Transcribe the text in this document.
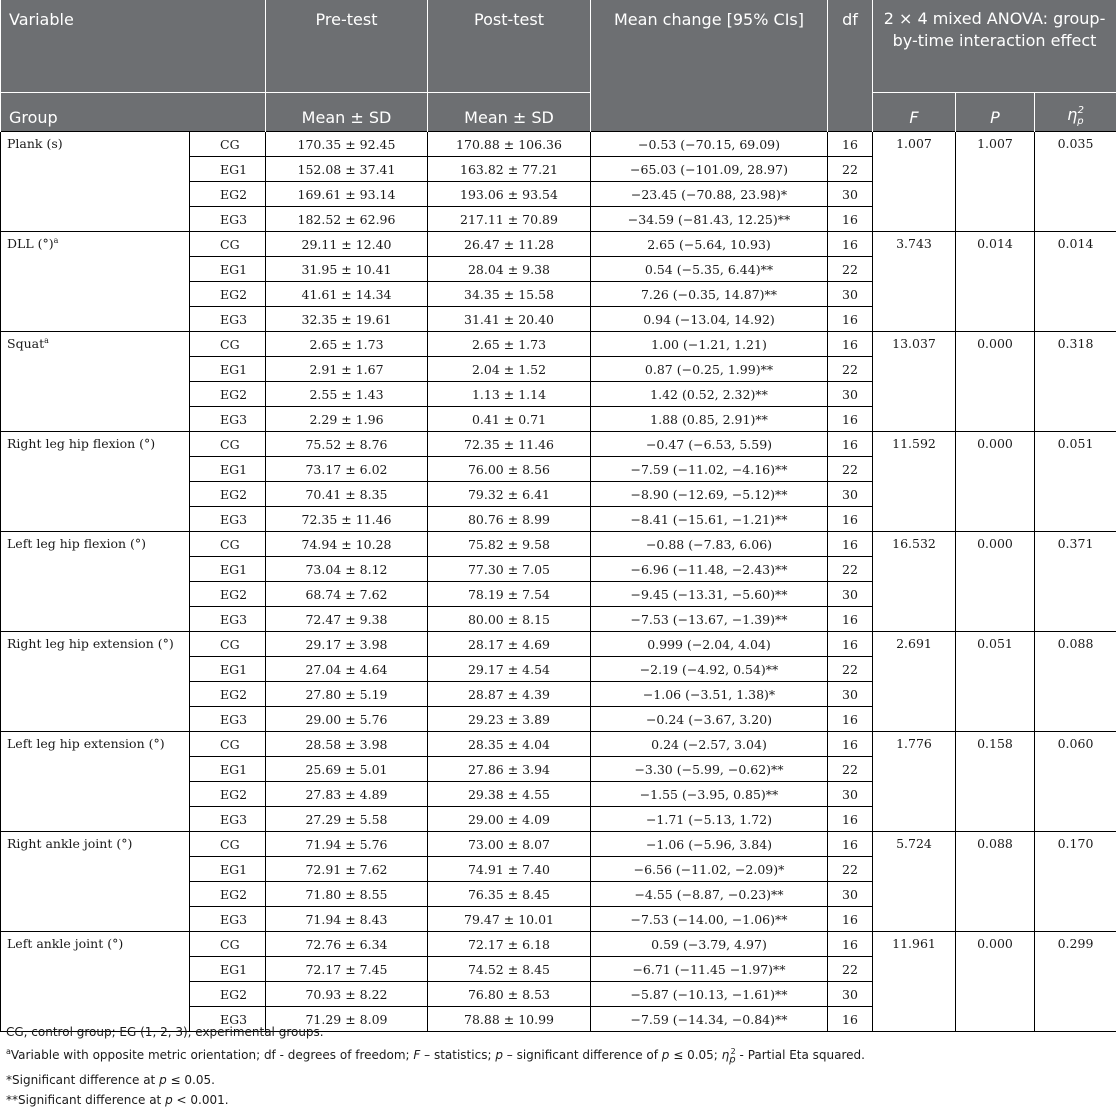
Variable		Pre-test	Post-test	Mean change [95% CIs]	df	2 × 4 mixed ANOVA: group-by-time interaction effect		
Group		Mean ± SD	Mean ± SD			F	P	$\eta_p^2$
Plank (s)	CG	170.35 ± 92.45	170.88 ± 106.36	−0.53 (−70.15, 69.09)	16	1.007	1.007	0.035
	EG1	152.08 ± 37.41	163.82 ± 77.21	−65.03 (−101.09, 28.97)	22			
	EG2	169.61 ± 93.14	193.06 ± 93.54	−23.45 (−70.88, 23.98)*	30			
	EG3	182.52 ± 62.96	217.11 ± 70.89	−34.59 (−81.43, 12.25)**	16			
DLL (°)$^a$	CG	29.11 ± 12.40	26.47 ± 11.28	2.65 (−5.64, 10.93)	16	3.743	0.014	0.014
	EG1	31.95 ± 10.41	28.04 ± 9.38	0.54 (−5.35, 6.44)**	22			
	EG2	41.61 ± 14.34	34.35 ± 15.58	7.26 (−0.35, 14.87)**	30			
	EG3	32.35 ± 19.61	31.41 ± 20.40	0.94 (−13.04, 14.92)	16			
Squat$^a$	CG	2.65 ± 1.73	2.65 ± 1.73	1.00 (−1.21, 1.21)	16	13.037	0.000	0.318
	EG1	2.91 ± 1.67	2.04 ± 1.52	0.87 (−0.25, 1.99)**	22			
	EG2	2.55 ± 1.43	1.13 ± 1.14	1.42 (0.52, 2.32)**	30			
	EG3	2.29 ± 1.96	0.41 ± 0.71	1.88 (0.85, 2.91)**	16			
Right leg hip flexion (°)	CG	75.52 ± 8.76	72.35 ± 11.46	−0.47 (−6.53, 5.59)	16	11.592	0.000	0.051
	EG1	73.17 ± 6.02	76.00 ± 8.56	−7.59 (−11.02, −4.16)**	22			
	EG2	70.41 ± 8.35	79.32 ± 6.41	−8.90 (−12.69, −5.12)**	30			
	EG3	72.35 ± 11.46	80.76 ± 8.99	−8.41 (−15.61, −1.21)**	16			
Left leg hip flexion (°)	CG	74.94 ± 10.28	75.82 ± 9.58	−0.88 (−7.83, 6.06)	16	16.532	0.000	0.371
	EG1	73.04 ± 8.12	77.30 ± 7.05	−6.96 (−11.48, −2.43)**	22			
	EG2	68.74 ± 7.62	78.19 ± 7.54	−9.45 (−13.31, −5.60)**	30			
	EG3	72.47 ± 9.38	80.00 ± 8.15	−7.53 (−13.67, −1.39)**	16			
Right leg hip extension (°)	CG	29.17 ± 3.98	28.17 ± 4.69	0.999 (−2.04, 4.04)	16	2.691	0.051	0.088
	EG1	27.04 ± 4.64	29.17 ± 4.54	−2.19 (−4.92, 0.54)**	22			
	EG2	27.80 ± 5.19	28.87 ± 4.39	−1.06 (−3.51, 1.38)*	30			
	EG3	29.00 ± 5.76	29.23 ± 3.89	−0.24 (−3.67, 3.20)	16			
Left leg hip extension (°)	CG	28.58 ± 3.98	28.35 ± 4.04	0.24 (−2.57, 3.04)	16	1.776	0.158	0.060
	EG1	25.69 ± 5.01	27.86 ± 3.94	−3.30 (−5.99, −0.62)**	22			
	EG2	27.83 ± 4.89	29.38 ± 4.55	−1.55 (−3.95, 0.85)**	30			
	EG3	27.29 ± 5.58	29.00 ± 4.09	−1.71 (−5.13, 1.72)	16			
Right ankle joint (°)	CG	71.94 ± 5.76	73.00 ± 8.07	−1.06 (−5.96, 3.84)	16	5.724	0.088	0.170
	EG1	72.91 ± 7.62	74.91 ± 7.40	−6.56 (−11.02, −2.09)*	22			
	EG2	71.80 ± 8.55	76.35 ± 8.45	−4.55 (−8.87, −0.23)**	30			
	EG3	71.94 ± 8.43	79.47 ± 10.01	−7.53 (−14.00, −1.06)**	16			
Left ankle joint (°)	CG	72.76 ± 6.34	72.17 ± 6.18	0.59 (−3.79, 4.97)	16	11.961	0.000	0.299
	EG1	72.17 ± 7.45	74.52 ± 8.45	−6.71 (−11.45 −1.97)**	22			
	EG2	70.93 ± 8.22	76.80 ± 8.53	−5.87 (−10.13, −1.61)**	30			
	EG3	71.29 ± 8.09	78.88 ± 10.99	−7.59 (−14.34, −0.84)**	16			

CG, control group; EG (1, 2, 3), experimental groups.

$^a$Variable with opposite metric orientation; df - degrees of freedom; F – statistics; p – significant difference of p ≤ 0.05; $\eta_p^2$ - Partial Eta squared.

*Significant difference at p ≤ 0.05.

**Significant difference at p < 0.001.
